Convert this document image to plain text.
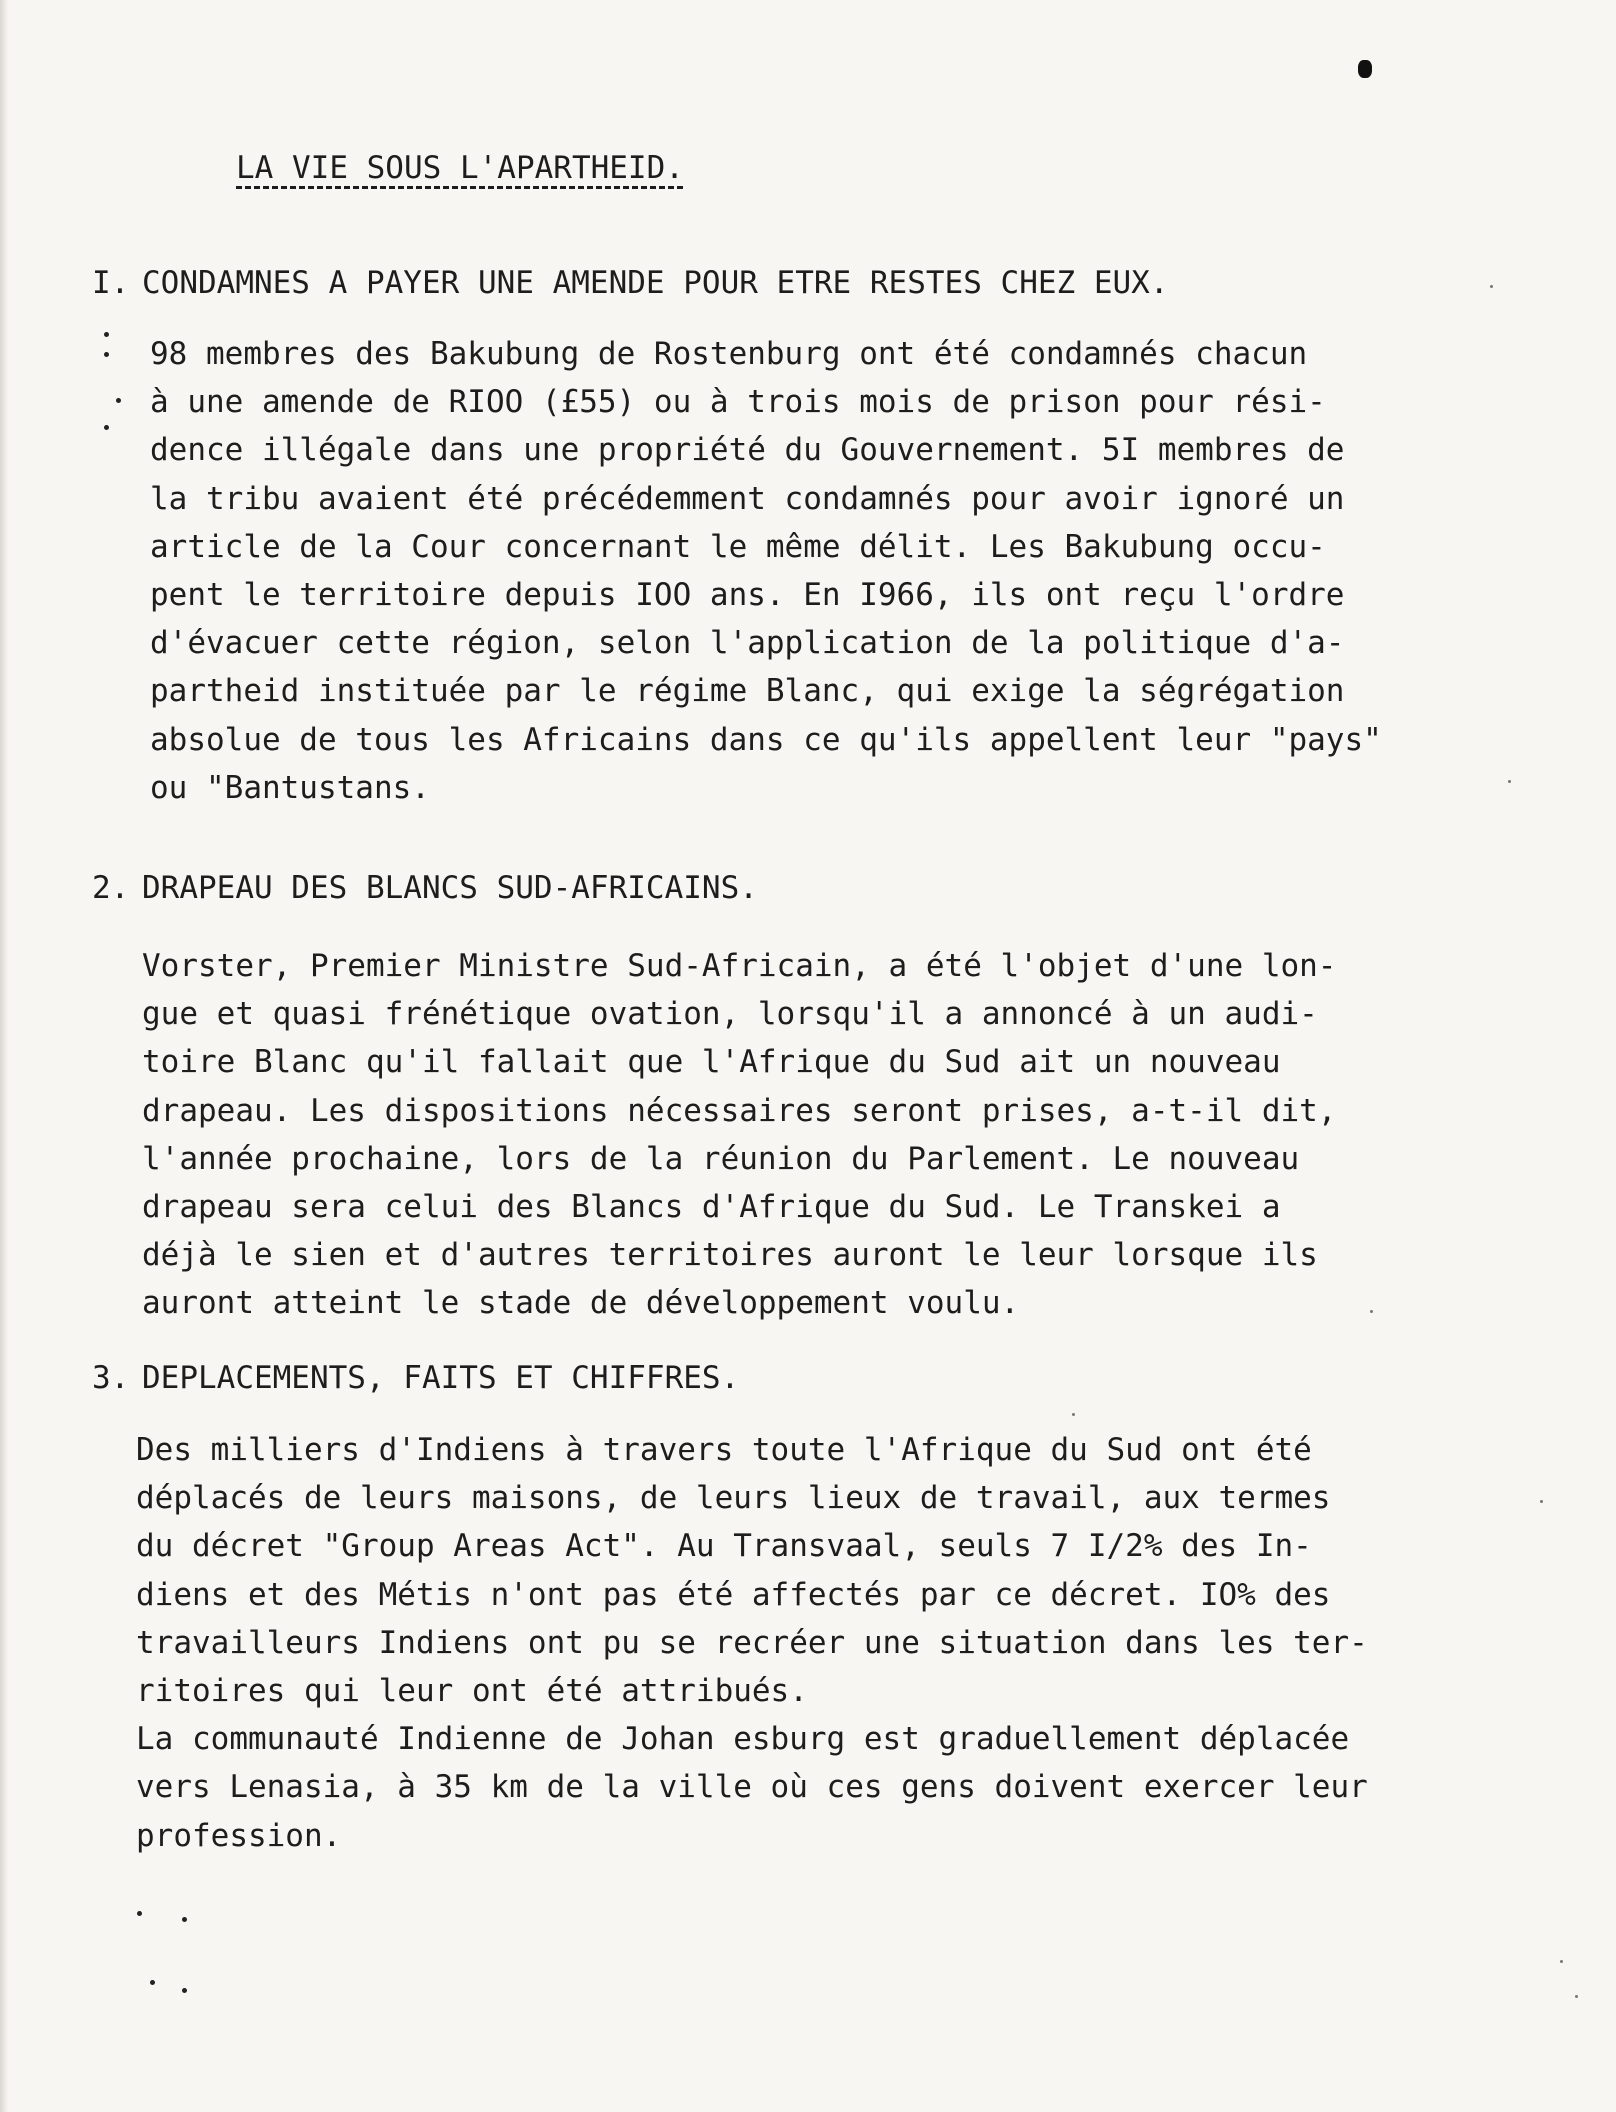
LA VIE SOUS L'APARTHEID.
I. CONDAMNES A PAYER UNE AMENDE POUR ETRE RESTES CHEZ EUX.
98 membres des Bakubung de Rostenburg ont été condamnés chacun
à une amende de RIOO (£55) ou à trois mois de prison pour rési-
dence illégale dans une propriété du Gouvernement. 5I membres de
la tribu avaient été précédemment condamnés pour avoir ignoré un
article de la Cour concernant le même délit. Les Bakubung occu-
pent le territoire depuis IOO ans. En I966, ils ont reçu l'ordre
d'évacuer cette région, selon l'application de la politique d'a-
partheid instituée par le régime Blanc, qui exige la ségrégation
absolue de tous les Africains dans ce qu'ils appellent leur "pays"
ou "Bantustans.
2. DRAPEAU DES BLANCS SUD-AFRICAINS.
Vorster, Premier Ministre Sud-Africain, a été l'objet d'une lon-
gue et quasi frénétique ovation, lorsqu'il a annoncé à un audi-
toire Blanc qu'il fallait que l'Afrique du Sud ait un nouveau
drapeau. Les dispositions nécessaires seront prises, a-t-il dit,
l'année prochaine, lors de la réunion du Parlement. Le nouveau
drapeau sera celui des Blancs d'Afrique du Sud. Le Transkei a
déjà le sien et d'autres territoires auront le leur lorsque ils
auront atteint le stade de développement voulu.
3. DEPLACEMENTS, FAITS ET CHIFFRES.
Des milliers d'Indiens à travers toute l'Afrique du Sud ont été
déplacés de leurs maisons, de leurs lieux de travail, aux termes
du décret "Group Areas Act". Au Transvaal, seuls 7 I/2% des In-
diens et des Métis n'ont pas été affectés par ce décret. IO% des
travailleurs Indiens ont pu se recréer une situation dans les ter-
ritoires qui leur ont été attribués.
La communauté Indienne de Johan esburg est graduellement déplacée
vers Lenasia, à 35 km de la ville où ces gens doivent exercer leur
profession.
